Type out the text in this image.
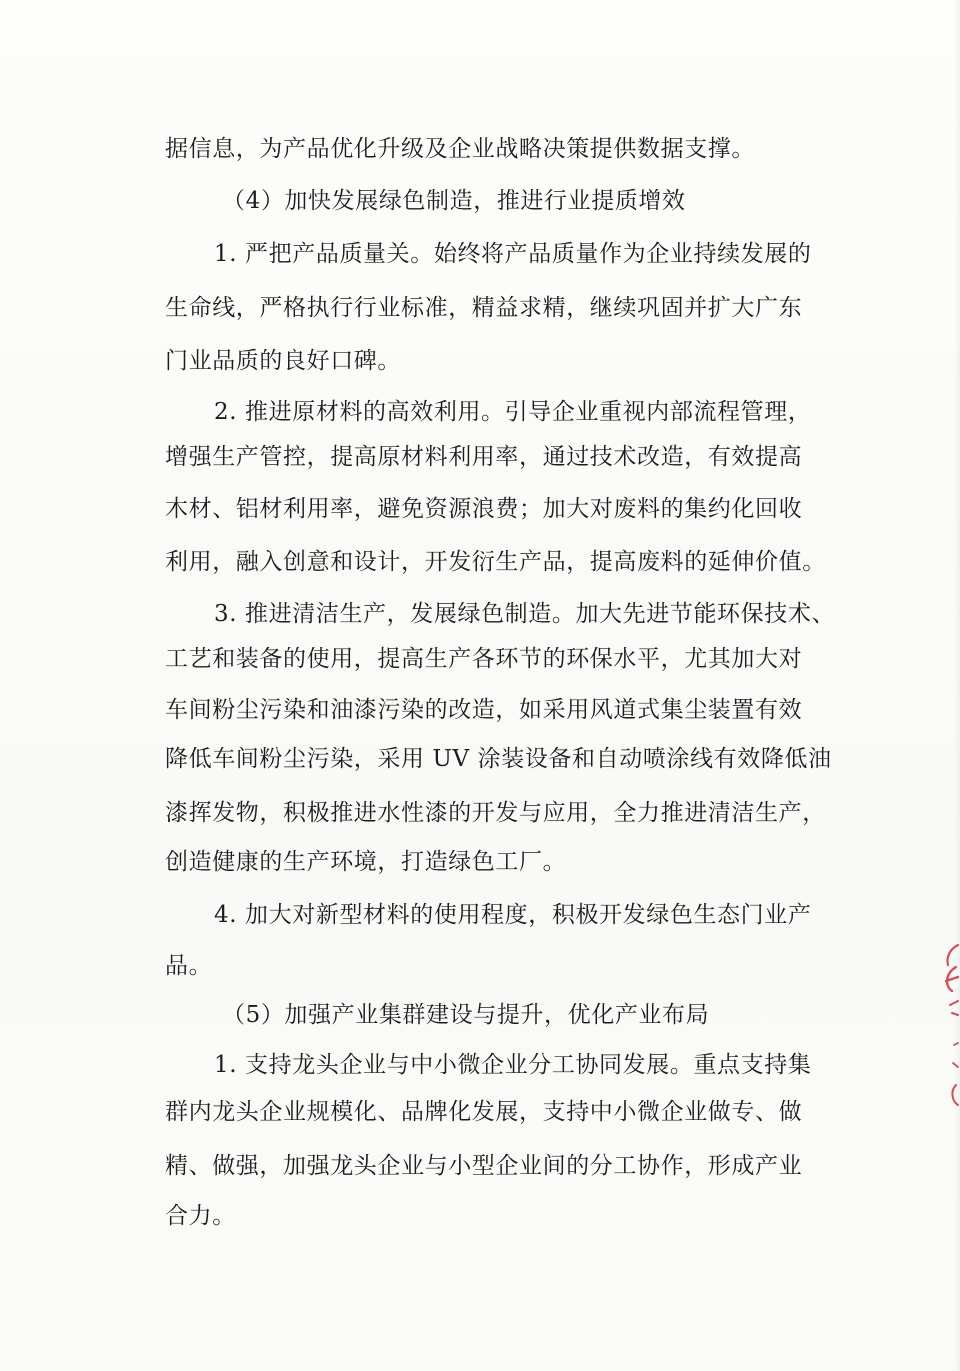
据信息，为产品优化升级及企业战略决策提供数据支撑。
（4）加快发展绿色制造，推进行业提质增效
1. 严把产品质量关。始终将产品质量作为企业持续发展的
生命线，严格执行行业标准，精益求精，继续巩固并扩大广东
门业品质的良好口碑。
2. 推进原材料的高效利用。引导企业重视内部流程管理，
增强生产管控，提高原材料利用率，通过技术改造，有效提高
木材、铝材利用率，避免资源浪费；加大对废料的集约化回收
利用，融入创意和设计，开发衍生产品，提高废料的延伸价值。
3. 推进清洁生产，发展绿色制造。加大先进节能环保技术、
工艺和装备的使用，提高生产各环节的环保水平，尤其加大对
车间粉尘污染和油漆污染的改造，如采用风道式集尘装置有效
降低车间粉尘污染，采用 UV 涂装设备和自动喷涂线有效降低油
漆挥发物，积极推进水性漆的开发与应用，全力推进清洁生产，
创造健康的生产环境，打造绿色工厂。
4. 加大对新型材料的使用程度，积极开发绿色生态门业产
品。
（5）加强产业集群建设与提升，优化产业布局
1. 支持龙头企业与中小微企业分工协同发展。重点支持集
群内龙头企业规模化、品牌化发展，支持中小微企业做专、做
精、做强，加强龙头企业与小型企业间的分工协作，形成产业
合力。
